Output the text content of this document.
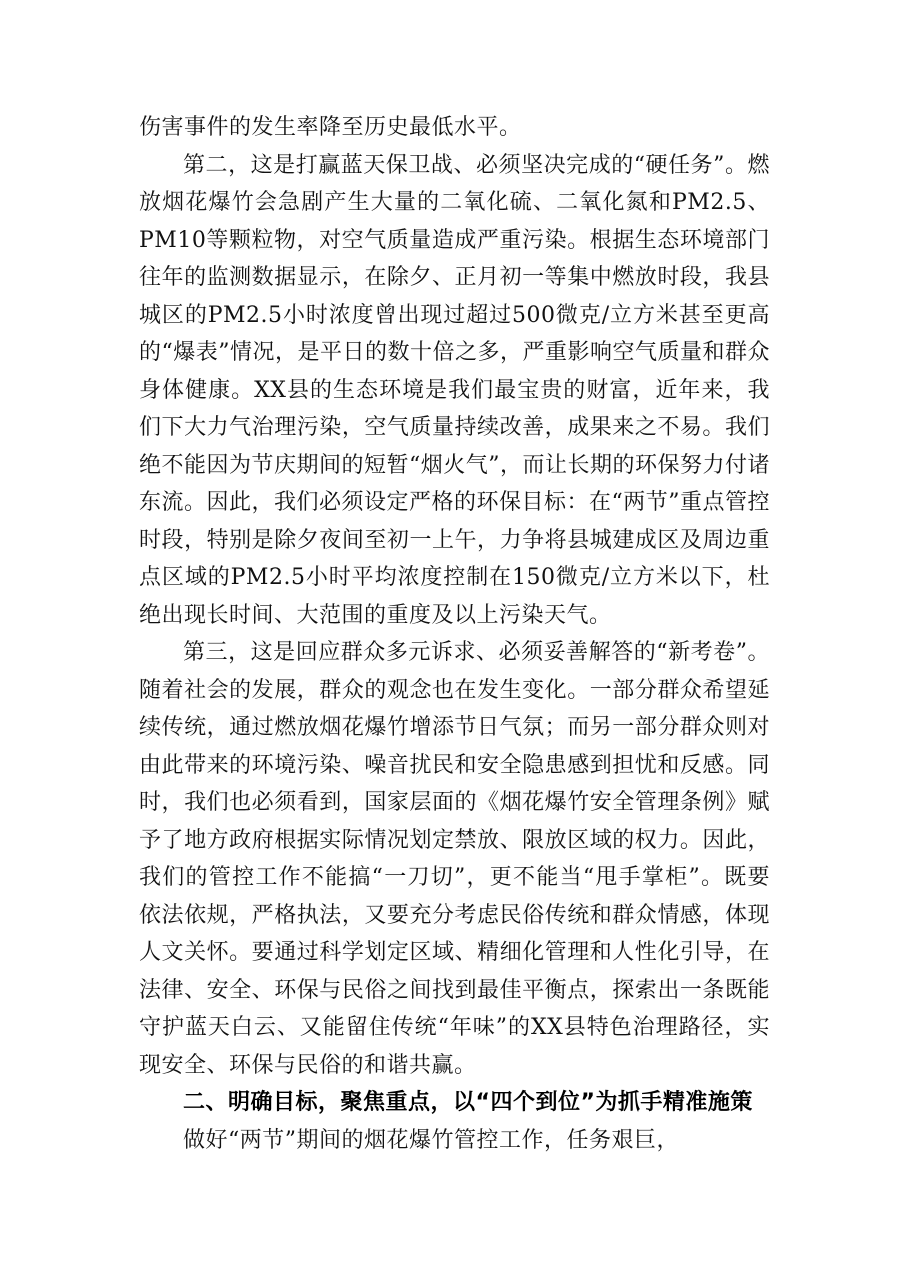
伤害事件的发生率降至历史最低水平。

第二，这是打赢蓝天保卫战、必须坚决完成的“硬任务”。燃放烟花爆竹会急剧产生大量的二氧化硫、二氧化氮和PM2.5、PM10等颗粒物，对空气质量造成严重污染。根据生态环境部门往年的监测数据显示，在除夕、正月初一等集中燃放时段，我县城区的PM2.5小时浓度曾出现过超过500微克/立方米甚至更高的“爆表”情况，是平日的数十倍之多，严重影响空气质量和群众身体健康。XX县的生态环境是我们最宝贵的财富，近年来，我们下大力气治理污染，空气质量持续改善，成果来之不易。我们绝不能因为节庆期间的短暂“烟火气”，而让长期的环保努力付诸东流。因此，我们必须设定严格的环保目标：在“两节”重点管控时段，特别是除夕夜间至初一上午，力争将县城建成区及周边重点区域的PM2.5小时平均浓度控制在150微克/立方米以下，杜绝出现长时间、大范围的重度及以上污染天气。

第三，这是回应群众多元诉求、必须妥善解答的“新考卷”。随着社会的发展，群众的观念也在发生变化。一部分群众希望延续传统，通过燃放烟花爆竹增添节日气氛；而另一部分群众则对由此带来的环境污染、噪音扰民和安全隐患感到担忧和反感。同时，我们也必须看到，国家层面的《烟花爆竹安全管理条例》赋予了地方政府根据实际情况划定禁放、限放区域的权力。因此，我们的管控工作不能搞“一刀切”，更不能当“甩手掌柜”。既要依法依规，严格执法，又要充分考虑民俗传统和群众情感，体现人文关怀。要通过科学划定区域、精细化管理和人性化引导，在法律、安全、环保与民俗之间找到最佳平衡点，探索出一条既能守护蓝天白云、又能留住传统“年味”的XX县特色治理路径，实现安全、环保与民俗的和谐共赢。

二、明确目标，聚焦重点，以“四个到位”为抓手精准施策

做好“两节”期间的烟花爆竹管控工作，任务艰巨，
